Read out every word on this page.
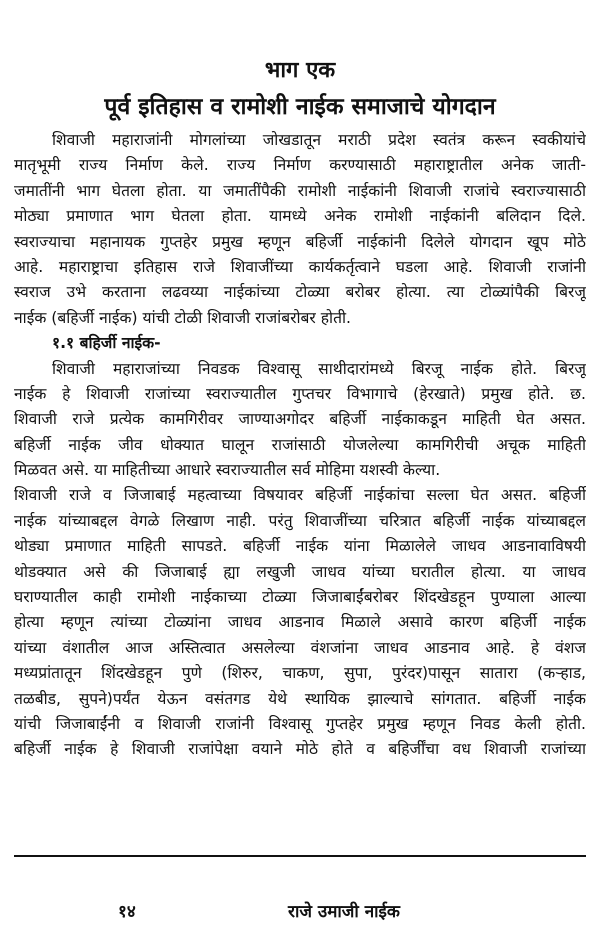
भाग एक
पूर्व इतिहास व रामोशी नाईक समाजाचे योगदान
शिवाजी महाराजांनी मोगलांच्या जोखडातून मराठी प्रदेश स्वतंत्र करून स्वकीयांचे
मातृभूमी राज्य निर्माण केले. राज्य निर्माण करण्यासाठी महाराष्ट्रातील अनेक जाती-
जमातींनी भाग घेतला होता. या जमातींपैकी रामोशी नाईकांनी शिवाजी राजांचे स्वराज्यासाठी
मोठ्या प्रमाणात भाग घेतला होता. यामध्ये अनेक रामोशी नाईकांनी बलिदान दिले.
स्वराज्याचा महानायक गुप्तहेर प्रमुख म्हणून बहिर्जी नाईकांनी दिलेले योगदान खूप मोठे
आहे. महाराष्ट्राचा इतिहास राजे शिवाजींच्या कार्यकर्तृत्वाने घडला आहे. शिवाजी राजांनी
स्वराज उभे करताना लढवय्या नाईकांच्या टोळ्या बरोबर होत्या. त्या टोळ्यांपैकी बिरजू
नाईक (बहिर्जी नाईक) यांची टोळी शिवाजी राजांबरोबर होती.
१.१ बहिर्जी नाईक-
शिवाजी महाराजांच्या निवडक विश्वासू साथीदारांमध्ये बिरजू नाईक होते. बिरजू
नाईक हे शिवाजी राजांच्या स्वराज्यातील गुप्तचर विभागाचे (हेरखाते) प्रमुख होते. छ.
शिवाजी राजे प्रत्येक कामगिरीवर जाण्याअगोदर बहिर्जी नाईकाकडून माहिती घेत असत.
बहिर्जी नाईक जीव धोक्यात घालून राजांसाठी योजलेल्या कामगिरीची अचूक माहिती
मिळवत असे. या माहितीच्या आधारे स्वराज्यातील सर्व मोहिमा यशस्वी केल्या.
शिवाजी राजे व जिजाबाई महत्वाच्या विषयावर बहिर्जी नाईकांचा सल्ला घेत असत. बहिर्जी
नाईक यांच्याबद्दल वेगळे लिखाण नाही. परंतु शिवाजींच्या चरित्रात बहिर्जी नाईक यांच्याबद्दल
थोड्या प्रमाणात माहिती सापडते. बहिर्जी नाईक यांना मिळालेले जाधव आडनावाविषयी
थोडक्यात असे की जिजाबाई ह्या लखुजी जाधव यांच्या घरातील होत्या. या जाधव
घराण्यातील काही रामोशी नाईकाच्या टोळ्या जिजाबाईंबरोबर शिंदखेडहून पुण्याला आल्या
होत्या म्हणून त्यांच्या टोळ्यांना जाधव आडनाव मिळाले असावे कारण बहिर्जी नाईक
यांच्या वंशातील आज अस्तित्वात असलेल्या वंशजांना जाधव आडनाव आहे. हे वंशज
मध्यप्रांतातून शिंदखेडहून पुणे (शिरुर, चाकण, सुपा, पुरंदर)पासून सातारा (कऱ्हाड,
तळबीड, सुपने)पर्यंत येऊन वसंतगड येथे स्थायिक झाल्याचे सांगतात. बहिर्जी नाईक
यांची जिजाबाईंनी व शिवाजी राजांनी विश्वासू गुप्तहेर प्रमुख म्हणून निवड केली होती.
बहिर्जी नाईक हे शिवाजी राजांपेक्षा वयाने मोठे होते व बहिर्जींचा वध शिवाजी राजांच्या
१४	राजे उमाजी नाईक
